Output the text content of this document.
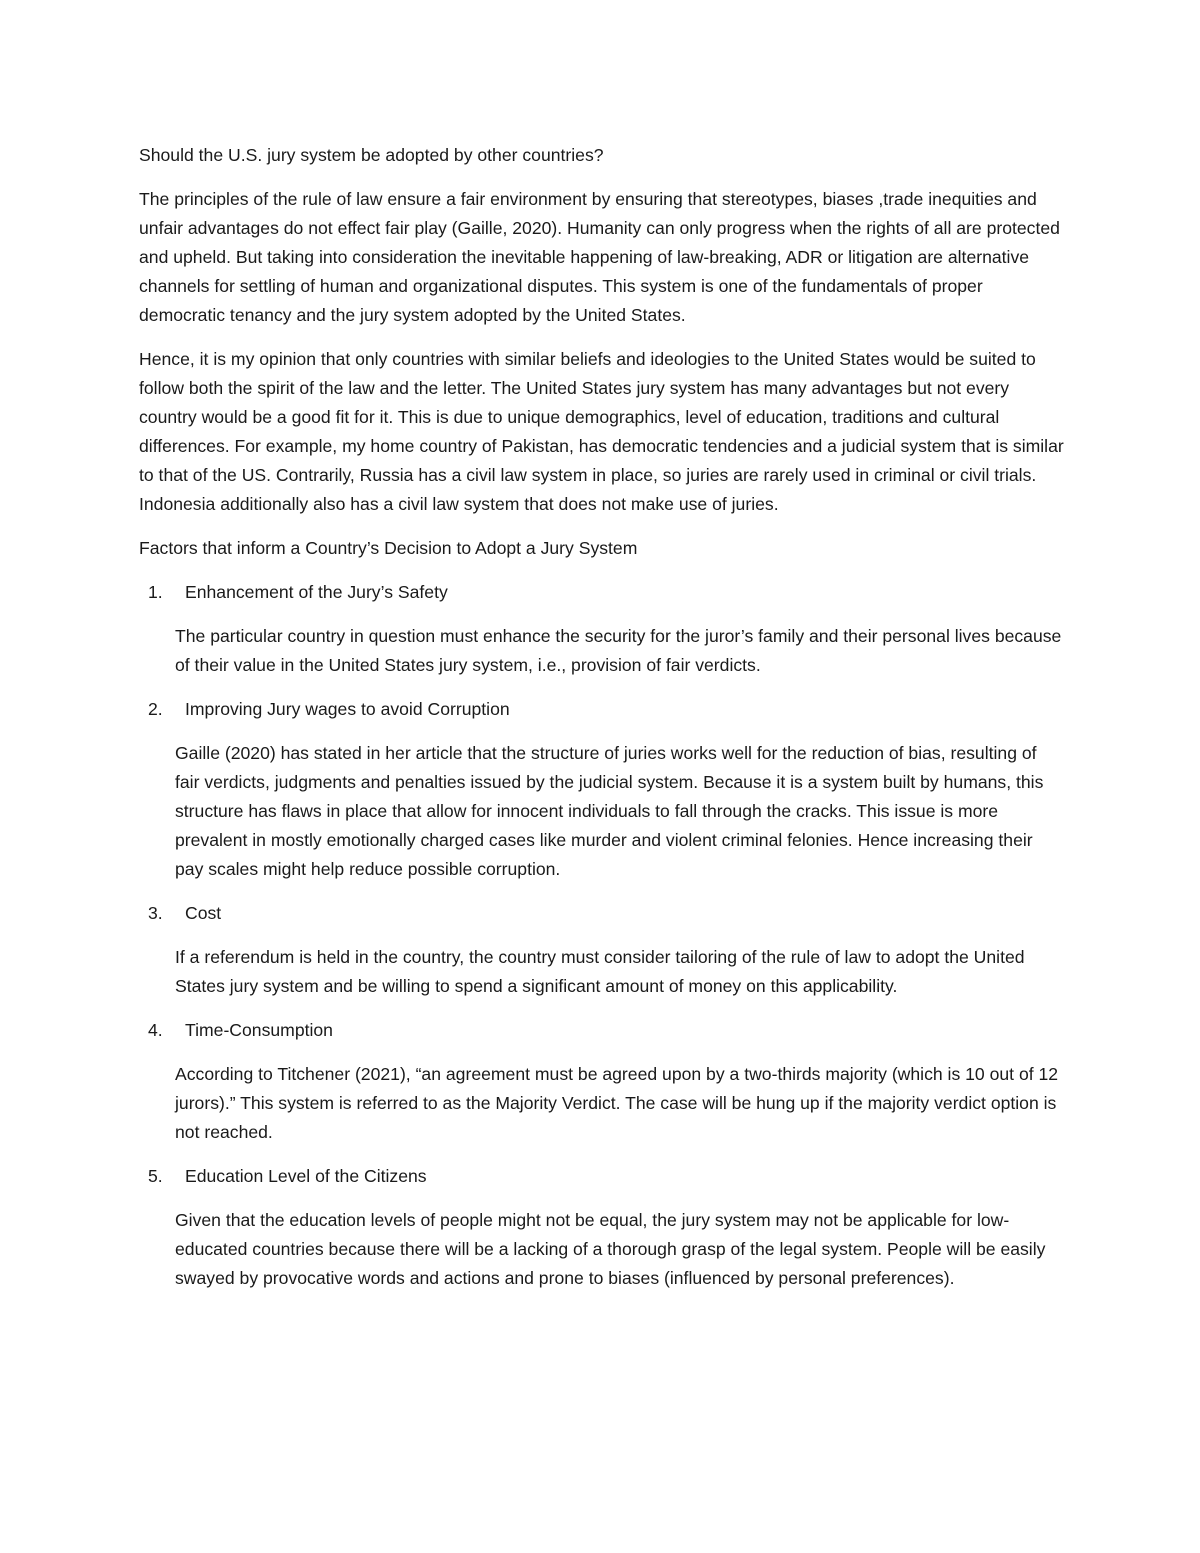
Should the U.S. jury system be adopted by other countries?

The principles of the rule of law ensure a fair environment by ensuring that stereotypes, biases ,trade inequities and unfair advantages do not effect fair play (Gaille, 2020). Humanity can only progress when the rights of all are protected and upheld. But taking into consideration the inevitable happening of law-breaking, ADR or litigation are alternative channels for settling of human and organizational disputes. This system is one of the fundamentals of proper democratic tenancy and the jury system adopted by the United States.

Hence, it is my opinion that only countries with similar beliefs and ideologies to the United States would be suited to follow both the spirit of the law and the letter. The United States jury system has many advantages but not every country would be a good fit for it. This is due to unique demographics, level of education, traditions and cultural differences. For example, my home country of Pakistan, has democratic tendencies and a judicial system that is similar to that of the US. Contrarily, Russia has a civil law system in place, so juries are rarely used in criminal or civil trials. Indonesia additionally also has a civil law system that does not make use of juries.

Factors that inform a Country’s Decision to Adopt a Jury System

1.	Enhancement of the Jury’s Safety

The particular country in question must enhance the security for the juror’s family and their personal lives because of their value in the United States jury system, i.e., provision of fair verdicts.

2.	Improving Jury wages to avoid Corruption

Gaille (2020) has stated in her article that the structure of juries works well for the reduction of bias, resulting of fair verdicts, judgments and penalties issued by the judicial system. Because it is a system built by humans, this structure has flaws in place that allow for innocent individuals to fall through the cracks. This issue is more prevalent in mostly emotionally charged cases like murder and violent criminal felonies. Hence increasing their pay scales might help reduce possible corruption.

3.	Cost

If a referendum is held in the country, the country must consider tailoring of the rule of law to adopt the United States jury system and be willing to spend a significant amount of money on this applicability.

4.	Time-Consumption

According to Titchener (2021), “an agreement must be agreed upon by a two-thirds majority (which is 10 out of 12 jurors).” This system is referred to as the Majority Verdict. The case will be hung up if the majority verdict option is not reached.

5.	Education Level of the Citizens

Given that the education levels of people might not be equal, the jury system may not be applicable for low-educated countries because there will be a lacking of a thorough grasp of the legal system. People will be easily swayed by provocative words and actions and prone to biases (influenced by personal preferences).
